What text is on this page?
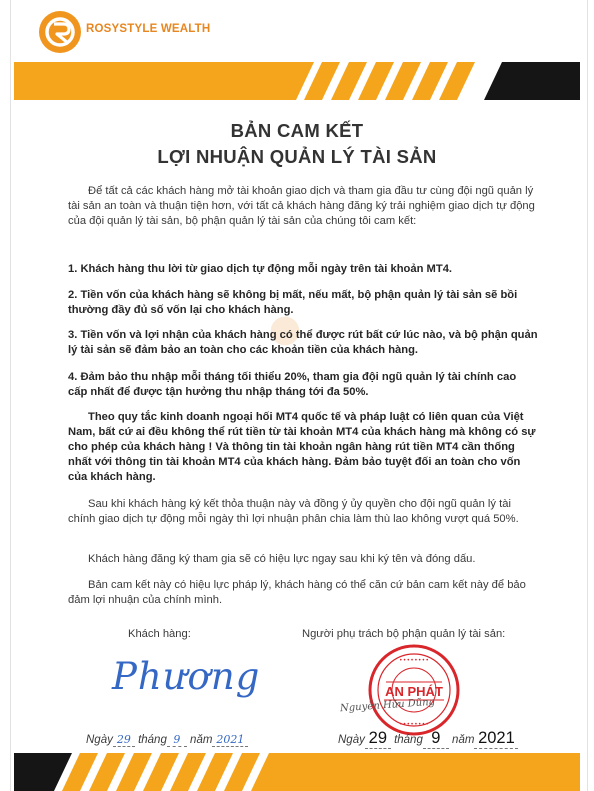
ROSYSTYLE WEALTH
BẢN CAM KẾT
LỢI NHUẬN QUẢN LÝ TÀI SẢN
Để tất cả các khách hàng mở tài khoản giao dịch và tham gia đầu tư cùng đội ngũ quản lý tài sản an toàn và thuận tiện hơn, với tất cả khách hàng đăng ký trải nghiệm giao dịch tự động của đội quản lý tài sản, bộ phận quản lý tài sản của chúng tôi cam kết:
1. Khách hàng thu lời từ giao dịch tự động mỗi ngày trên tài khoản MT4.
2. Tiền vốn của khách hàng sẽ không bị mất, nếu mất, bộ phận quản lý tài sản sẽ bồi thường đầy đủ số vốn lại cho khách hàng.
3. Tiền vốn và lợi nhận của khách hàng có thể được rút bất cứ lúc nào, và bộ phận quản lý tài sản sẽ đảm bảo an toàn cho các khoản tiền của khách hàng.
4. Đảm bảo thu nhập mỗi tháng tối thiểu 20%, tham gia đội ngũ quản lý tài chính cao cấp nhất để được tận hưởng thu nhập tháng tới đa 50%.
Theo quy tắc kinh doanh ngoại hối MT4 quốc tế và pháp luật có liên quan của Việt Nam, bất cứ ai đều không thể rút tiền từ tài khoản MT4 của khách hàng mà không có sự cho phép của khách hàng ! Và thông tin tài khoản ngân hàng rút tiền MT4 cần thống nhất với thông tin tài khoản MT4 của khách hàng. Đảm bảo tuyệt đối an toàn cho vốn của khách hàng.
Sau khi khách hàng ký kết thỏa thuận này và đồng ý ủy quyền cho đội ngũ quản lý tài chính giao dịch tự động mỗi ngày thì lợi nhuận phân chia làm thù lao không vượt quá 50%.
Khách hàng đăng ký tham gia sẽ có hiệu lực ngay sau khi ký tên và đóng dấu.
Bản cam kết này có hiệu lực pháp lý, khách hàng có thể căn cứ bản cam kết này để bảo đảm lợi nhuận của chính mình.
Khách hàng:	Người phụ trách bộ phận quản lý tài sản:
Phương	AN PHÁT
• • • • • • • •
• • • • • • • •
Nguyễn Hữu Dũng
Ngày 29 tháng 9 năm 2021	Ngày 29 tháng 9 năm 2021
